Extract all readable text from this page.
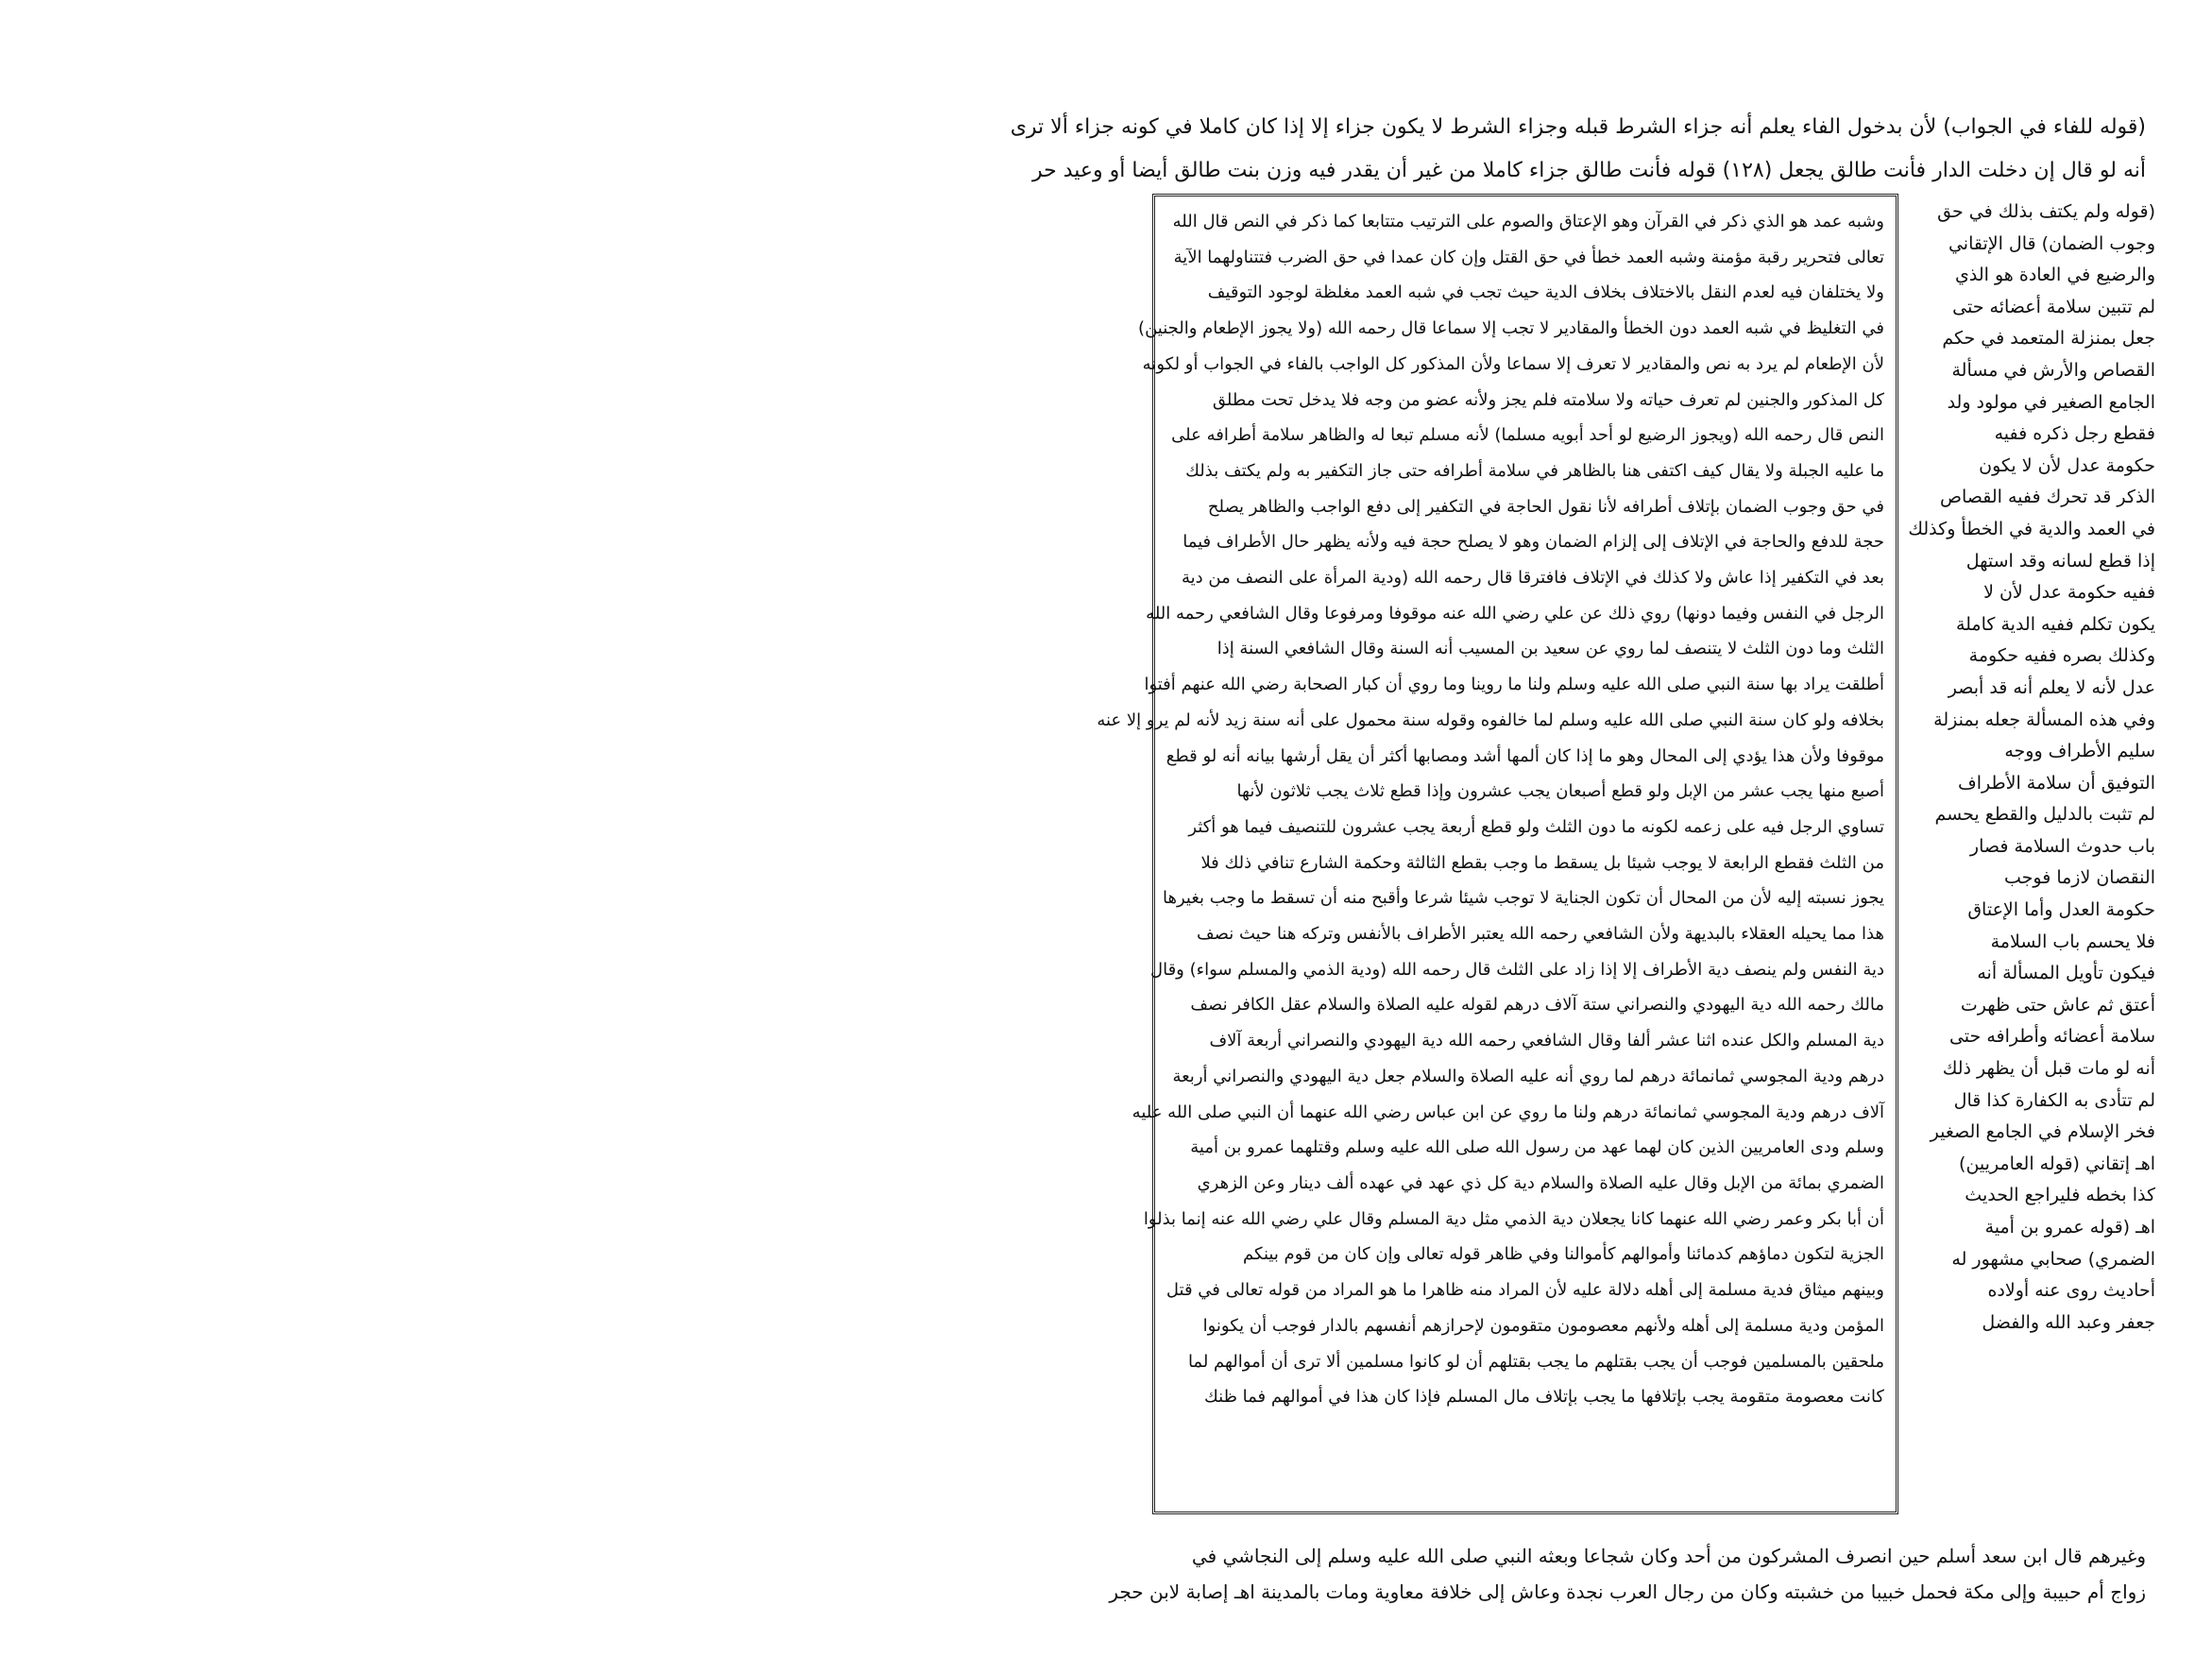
(قوله للفاء في الجواب) لأن بدخول الفاء يعلم أنه جزاء الشرط قبله وجزاء الشرط لا يكون جزاء إلا إذا كان كاملا في كونه جزاء ألا ترى
أنه لو قال إن دخلت الدار فأنت طالق يجعل (١٢٨) قوله فأنت طالق جزاء كاملا من غير أن يقدر فيه وزن بنت طالق أيضا أو وعيد حر
(قوله ولم يكتف بذلك في حق
وجوب الضمان) قال الإتقاني
والرضيع في العادة هو الذي
لم تتبين سلامة أعضائه حتى
جعل بمنزلة المتعمد في حكم
القصاص والأرش في مسألة
الجامع الصغير في مولود ولد
فقطع رجل ذكره ففيه
حكومة عدل لأن لا يكون
الذكر قد تحرك ففيه القصاص
في العمد والدية في الخطأ وكذلك
إذا قطع لسانه وقد استهل
ففيه حكومة عدل لأن لا
يكون تكلم ففيه الدية كاملة
وكذلك بصره ففيه حكومة
عدل لأنه لا يعلم أنه قد أبصر
وفي هذه المسألة جعله بمنزلة
سليم الأطراف ووجه
التوفيق أن سلامة الأطراف
لم تثبت بالدليل والقطع يحسم
باب حدوث السلامة فصار
النقصان لازما فوجب
حكومة العدل وأما الإعتاق
فلا يحسم باب السلامة
فيكون تأويل المسألة أنه
أعتق ثم عاش حتى ظهرت
سلامة أعضائه وأطرافه حتى
أنه لو مات قبل أن يظهر ذلك
لم تتأدى به الكفارة كذا قال
فخر الإسلام في الجامع الصغير
اهـ إتقاني (قوله العامريين)
كذا بخطه فليراجع الحديث
اهـ (قوله عمرو بن أمية
الضمري) صحابي مشهور له
أحاديث روى عنه أولاده
جعفر وعبد الله والفضل
وشبه عمد هو الذي ذكر في القرآن وهو الإعتاق والصوم على الترتيب متتابعا كما ذكر في النص قال الله
تعالى فتحرير رقبة مؤمنة وشبه العمد خطأ في حق القتل وإن كان عمدا في حق الضرب فتتناولهما الآية
ولا يختلفان فيه لعدم النقل بالاختلاف بخلاف الدية حيث تجب في شبه العمد مغلظة لوجود التوقيف
في التغليظ في شبه العمد دون الخطأ والمقادير لا تجب إلا سماعا قال رحمه الله (ولا يجوز الإطعام والجنين)
لأن الإطعام لم يرد به نص والمقادير لا تعرف إلا سماعا ولأن المذكور كل الواجب بالفاء في الجواب أو لكونه
كل المذكور والجنين لم تعرف حياته ولا سلامته فلم يجز ولأنه عضو من وجه فلا يدخل تحت مطلق
النص قال رحمه الله (ويجوز الرضيع لو أحد أبويه مسلما) لأنه مسلم تبعا له والظاهر سلامة أطرافه على
ما عليه الجبلة ولا يقال كيف اكتفى هنا بالظاهر في سلامة أطرافه حتى جاز التكفير به ولم يكتف بذلك
في حق وجوب الضمان بإتلاف أطرافه لأنا نقول الحاجة في التكفير إلى دفع الواجب والظاهر يصلح
حجة للدفع والحاجة في الإتلاف إلى إلزام الضمان وهو لا يصلح حجة فيه ولأنه يظهر حال الأطراف فيما
بعد في التكفير إذا عاش ولا كذلك في الإتلاف فافترقا قال رحمه الله (ودية المرأة على النصف من دية
الرجل في النفس وفيما دونها) روي ذلك عن علي رضي الله عنه موقوفا ومرفوعا وقال الشافعي رحمه الله
الثلث وما دون الثلث لا يتنصف لما روي عن سعيد بن المسيب أنه السنة وقال الشافعي السنة إذا
أطلقت يراد بها سنة النبي صلى الله عليه وسلم ولنا ما روينا وما روي أن كبار الصحابة رضي الله عنهم أفتوا
بخلافه ولو كان سنة النبي صلى الله عليه وسلم لما خالفوه وقوله سنة محمول على أنه سنة زيد لأنه لم يرو إلا عنه
موقوفا ولأن هذا يؤدي إلى المحال وهو ما إذا كان ألمها أشد ومصابها أكثر أن يقل أرشها بيانه أنه لو قطع
أصبع منها يجب عشر من الإبل ولو قطع أصبعان يجب عشرون وإذا قطع ثلاث يجب ثلاثون لأنها
تساوي الرجل فيه على زعمه لكونه ما دون الثلث ولو قطع أربعة يجب عشرون للتنصيف فيما هو أكثر
من الثلث فقطع الرابعة لا يوجب شيئا بل يسقط ما وجب بقطع الثالثة وحكمة الشارع تنافي ذلك فلا
يجوز نسبته إليه لأن من المحال أن تكون الجناية لا توجب شيئا شرعا وأقبح منه أن تسقط ما وجب بغيرها
هذا مما يحيله العقلاء بالبديهة ولأن الشافعي رحمه الله يعتبر الأطراف بالأنفس وتركه هنا حيث نصف
دية النفس ولم ينصف دية الأطراف إلا إذا زاد على الثلث قال رحمه الله (ودية الذمي والمسلم سواء) وقال
مالك رحمه الله دية اليهودي والنصراني ستة آلاف درهم لقوله عليه الصلاة والسلام عقل الكافر نصف
دية المسلم والكل عنده اثنا عشر ألفا وقال الشافعي رحمه الله دية اليهودي والنصراني أربعة آلاف
درهم ودية المجوسي ثمانمائة درهم لما روي أنه عليه الصلاة والسلام جعل دية اليهودي والنصراني أربعة
آلاف درهم ودية المجوسي ثمانمائة درهم ولنا ما روي عن ابن عباس رضي الله عنهما أن النبي صلى الله عليه
وسلم ودى العامريين الذين كان لهما عهد من رسول الله صلى الله عليه وسلم وقتلهما عمرو بن أمية
الضمري بمائة من الإبل وقال عليه الصلاة والسلام دية كل ذي عهد في عهده ألف دينار وعن الزهري
أن أبا بكر وعمر رضي الله عنهما كانا يجعلان دية الذمي مثل دية المسلم وقال علي رضي الله عنه إنما بذلوا
الجزية لتكون دماؤهم كدمائنا وأموالهم كأموالنا وفي ظاهر قوله تعالى وإن كان من قوم بينكم
وبينهم ميثاق فدية مسلمة إلى أهله دلالة عليه لأن المراد منه ظاهرا ما هو المراد من قوله تعالى في قتل
المؤمن ودية مسلمة إلى أهله ولأنهم معصومون متقومون لإحرازهم أنفسهم بالدار فوجب أن يكونوا
ملحقين بالمسلمين فوجب أن يجب بقتلهم ما يجب بقتلهم أن لو كانوا مسلمين ألا ترى أن أموالهم لما
كانت معصومة متقومة يجب بإتلافها ما يجب بإتلاف مال المسلم فإذا كان هذا في أموالهم فما ظنك
وغيرهم قال ابن سعد أسلم حين انصرف المشركون من أحد وكان شجاعا وبعثه النبي صلى الله عليه وسلم إلى النجاشي في
زواج أم حبيبة وإلى مكة فحمل خبيبا من خشبته وكان من رجال العرب نجدة وعاش إلى خلافة معاوية ومات بالمدينة اهـ إصابة لابن حجر
